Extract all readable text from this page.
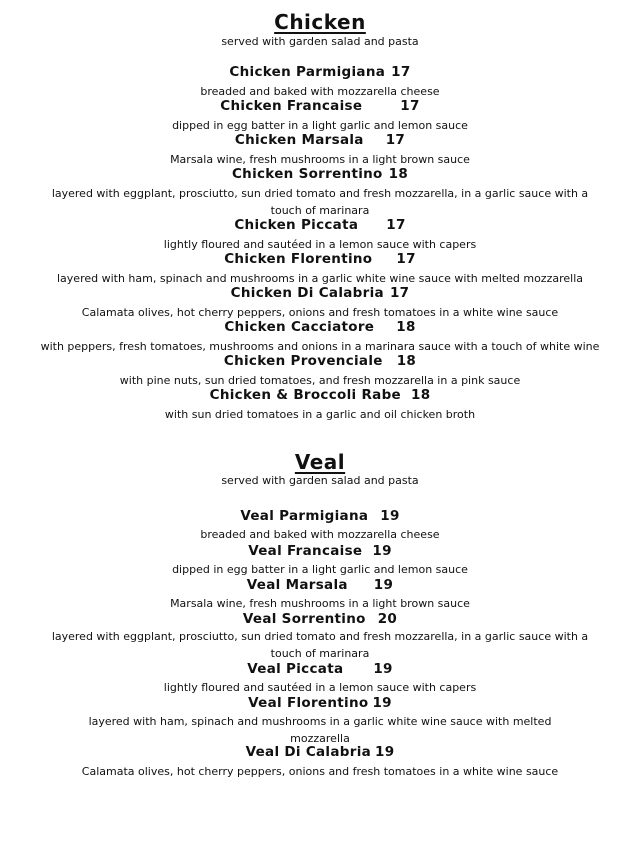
Chicken
served with garden salad and pasta
Chicken Parmigiana 17
breaded and baked with mozzarella cheese
Chicken Francaise	17
dipped in egg batter in a light garlic and lemon sauce
Chicken Marsala 17
Marsala wine, fresh mushrooms in a light brown sauce
Chicken Sorrentino 18
layered with eggplant, prosciutto, sun dried tomato and fresh mozzarella, in a garlic sauce with a touch of marinara
Chicken Piccata 17
lightly floured and sautéed in a lemon sauce with capers
Chicken Florentino 17
layered with ham, spinach and mushrooms in a garlic white wine sauce with melted mozzarella
Chicken Di Calabria 17
Calamata olives, hot cherry peppers, onions and fresh tomatoes in a white wine sauce
Chicken Cacciatore 18
with peppers, fresh tomatoes, mushrooms and onions in a marinara sauce with a touch of white wine
Chicken Provenciale 18
with pine nuts, sun dried tomatoes, and fresh mozzarella in a pink sauce
Chicken & Broccoli Rabe 18
with sun dried tomatoes in a garlic and oil chicken broth
Veal
served with garden salad and pasta
Veal Parmigiana 19
breaded and baked with mozzarella cheese
Veal Francaise 19
dipped in egg batter in a light garlic and lemon sauce
Veal Marsala 19
Marsala wine, fresh mushrooms in a light brown sauce
Veal Sorrentino 20
layered with eggplant, prosciutto, sun dried tomato and fresh mozzarella, in a garlic sauce with a touch of marinara
Veal Piccata 19
lightly floured and sautéed in a lemon sauce with capers
Veal Florentino 19
layered with ham, spinach and mushrooms in a garlic white wine sauce with melted mozzarella
Veal Di Calabria 19
Calamata olives, hot cherry peppers, onions and fresh tomatoes in a white wine sauce
